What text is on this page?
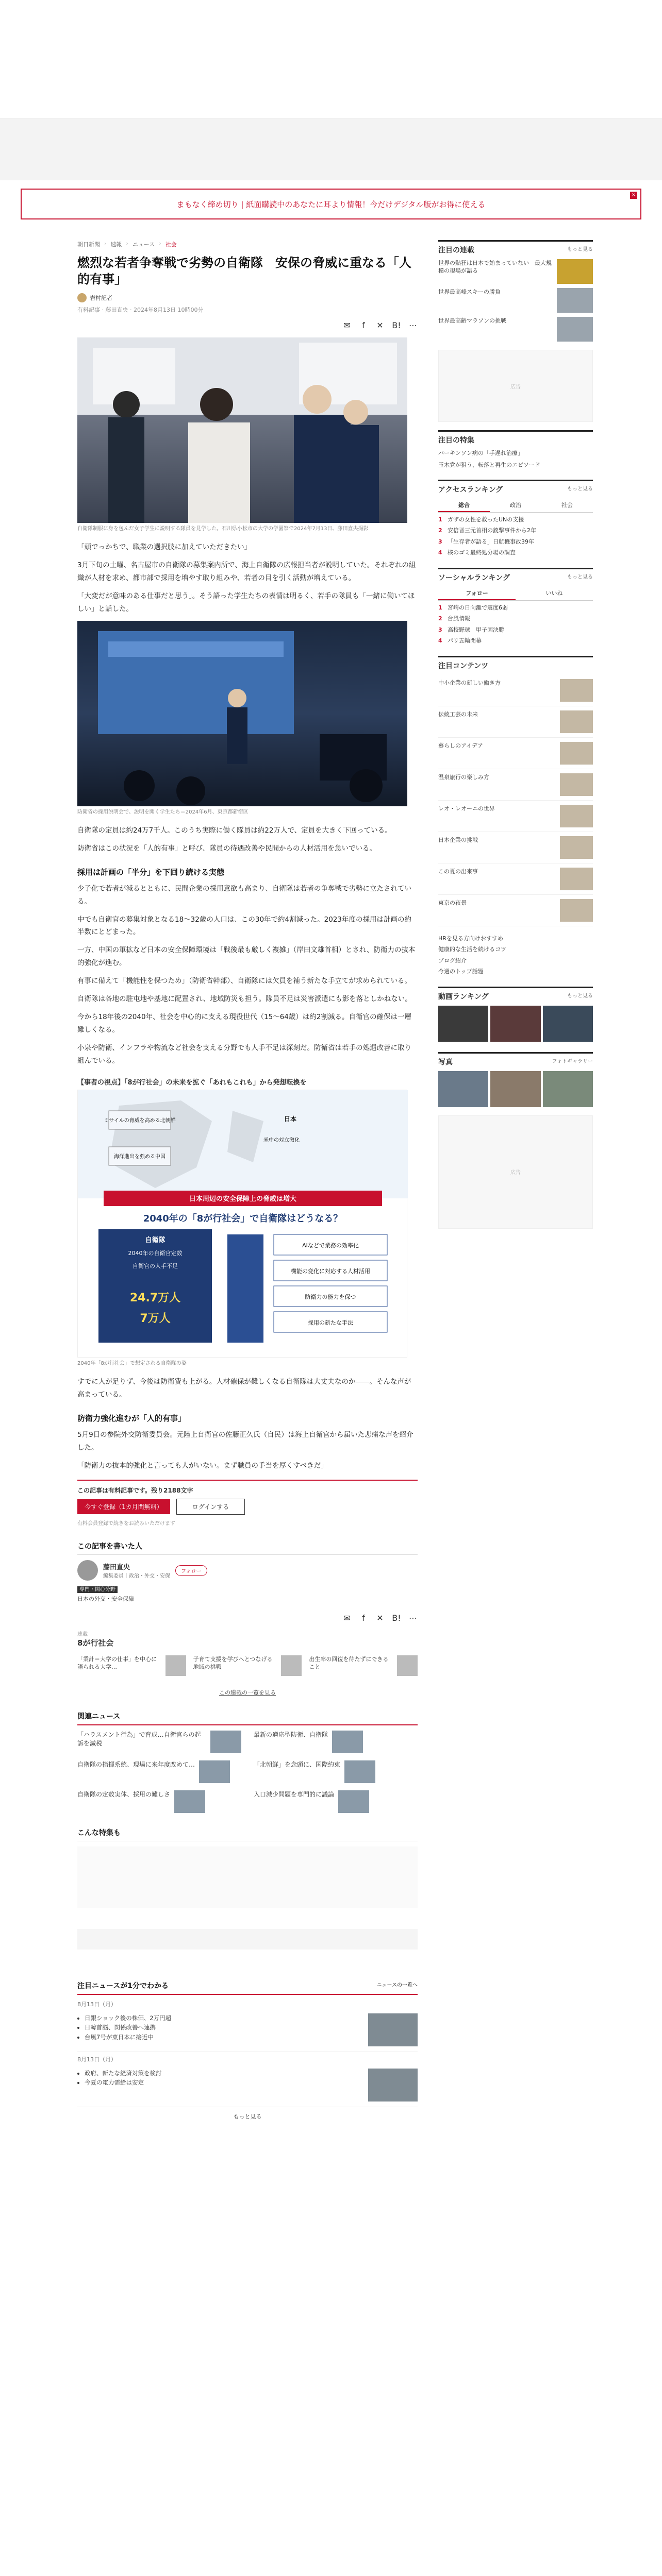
まもなく締め切り | 紙面購読中のあなたに耳より情報！今だけデジタル版がお得に使える
×
朝日新聞 › 速報 › ニュース › 社会
燃烈な若者争奪戦で劣勢の自衛隊　安保の脅威に重なる「人的有事」
岩村記者
有料記事 · 藤田直央 · 2024年8月13日 10時00分
✉	f	✕ B! ⋯
自衛隊制服に身を包んだ女子学生に説明する隊員を見学した。石川県小松市の大学の学園祭で2024年7月13日、藤田直央撮影

「頭でっかちで、職業の選択肢に加えていただきたい」

3月下旬の土曜、名古屋市の自衛隊の募集案内所で、海上自衛隊の広報担当者が説明していた。それぞれの組織が人材を求め、都市部で採用を増やす取り組みや、若者の目を引く活動が増えている。

「大変だが意味のある仕事だと思う」。そう語った学生たちの表情は明るく、若手の隊員も「一緒に働いてほしい」と話した。

防衛省の採用説明会で、説明を聞く学生たち＝2024年6月、東京都新宿区

自衛隊の定員は約24万7千人。このうち実際に働く隊員は約22万人で、定員を大きく下回っている。

防衛省はこの状況を「人的有事」と呼び、隊員の待遇改善や民間からの人材活用を急いでいる。

採用は計画の「半分」を下回り続ける実態

少子化で若者が減るとともに、民間企業の採用意欲も高まり、自衛隊は若者の争奪戦で劣勢に立たされている。

中でも自衛官の募集対象となる18〜32歳の人口は、この30年で約4割減った。2023年度の採用は計画の約半数にとどまった。

一方、中国の軍拡など日本の安全保障環境は「戦後最も厳しく複雑」（岸田文雄首相）とされ、防衛力の抜本的強化が進む。

有事に備えて「機能性を保つため」（防衛省幹部）、自衛隊には欠員を補う新たな手立てが求められている。

自衛隊は各地の駐屯地や基地に配置され、地域防災も担う。隊員不足は災害派遣にも影を落としかねない。

今から18年後の2040年、社会を中心的に支える現役世代（15〜64歳）は約2割減る。自衛官の確保は一層難しくなる。

小泉や防衛、インフラや物流など社会を支える分野でも人手不足は深刻だ。防衛省は若手の処遇改善に取り組んでいる。

【事者の視点】「8が行社会」の未来を拡ぐ「あれもこれも」から発想転換を
ミサイルの脅威を高める北朝鮮
海洋進出を強める中国
米中の対立激化
日本
日本周辺の安全保障上の脅威は増大
2040年の「8が行社会」で自衛隊はどうなる？
自衛隊
2040年の自衛官定数
自衛官の人手不足
24.7万人
7万人
AIなどで業務の効率化
機能の変化に対応する人材活用
防衛力の能力を保つ
採用の新たな手法
2040年「8が行社会」で想定される自衛隊の姿

すでに人が足りず、今後は防衛費も上がる。人材確保が難しくなる自衛隊は大丈夫なのか――。そんな声が高まっている。

防衛力強化進むが「人的有事」

5月9日の参院外交防衛委員会。元陸上自衛官の佐藤正久氏（自民）は海上自衛官から届いた悲痛な声を紹介した。

「防衛力の抜本的強化と言っても人がいない。まず職員の手当を厚くすべきだ」

この記事は有料記事です。残り2188文字
今すぐ登録（1カ月間無料）	ログインする
有料会員登録で続きをお読みいただけます
この記事を書いた人
藤田直央
編集委員｜政治・外交・安保
フォロー
専門・関心分野
日本の外交・安全保障
✉	f	✕ B! ⋯
連載
8が行社会
「業計＝大学の仕事」を中心に語られる大学…
子育て支援を学びへとつなげる地域の挑戦
出生率の回復を待たずにできること
この連載の一覧を見る
関連ニュース
「ハラスメント行為」で育成…自衛官らの起訴を減税
最新の適応型防衛、自衛隊
自衛隊の指揮系統、現場に来年度改めて…	「北朝鮮」を念頭に、国際約束
自衛隊の定数実体、採用の難しさ	入口減少問題を専門的に議論
こんな特集も
注目の連載	もっと見る
世界の熱狂は日本で始まっていない　最大規模の現場が語る
世界最高峰スキーの勝負
世界最高齢マラソンの挑戦
広告
注目の特集
パーキンソン病の「手遅れ治療」
玉木党が狙う、転落と再生のエピソード
アクセスランキング	もっと見る
総合	政治	社会
1 ガザの女性を救ったUNの支援
2 安倍晋三元首相の銃撃事件から2年
3 「生存者が語る」日航機事故39年
4 核のゴミ最終処分場の調査
ソーシャルランキング	もっと見る
フォロー	いいね
1 宮崎の日向灘で震度6弱
2 台風情報
3 高校野球　甲子園決勝
4 パリ五輪閉幕
注目コンテンツ
中小企業の新しい働き方
伝統工芸の未来
暮らしのアイデア
温泉旅行の楽しみ方
レオ・レオーニの世界
日本企業の挑戦
この夏の出来事
東京の夜景
HRを見る方向けおすすめ
健康的な生活を続けるコツ
ブログ紹介
今週のトップ話題
動画ランキング	もっと見る
写真	フォトギャラリー
広告
注目ニュースが1分でわかる	ニュースの一覧へ
8月13日（月）
• 日銀ショック後の株価、2万円超
• 日韓首脳、関係改善へ連携
• 台風7号が東日本に接近中
8月13日（月）
• 政府、新たな経済対策を検討
• 今夏の電力需給は安定
もっと見る
